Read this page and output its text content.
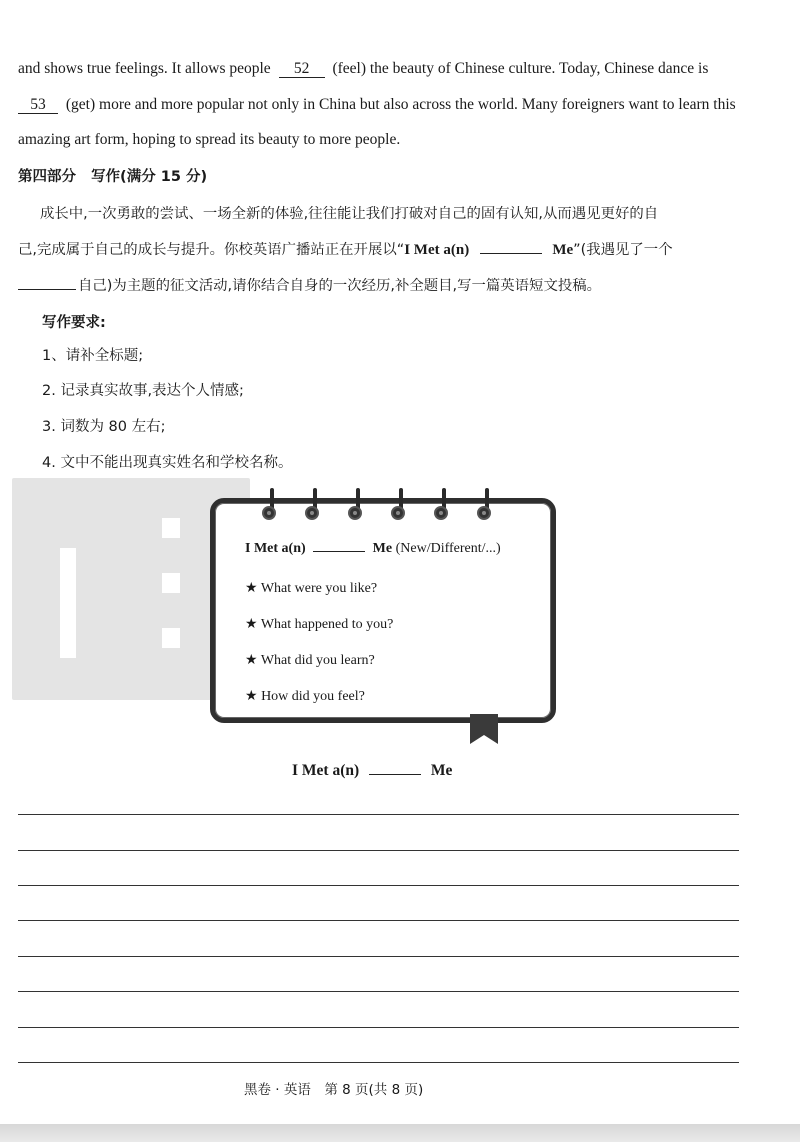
and shows true feelings. It allows people 52 (feel) the beauty of Chinese culture. Today, Chinese dance is
53 (get) more and more popular not only in China but also across the world. Many foreigners want to learn this
amazing art form, hoping to spread its beauty to more people.
第四部分 写作(满分 15 分)
成长中,一次勇敢的尝试、一场全新的体验,往往能让我们打破对自己的固有认知,从而遇见更好的自
己,完成属于自己的成长与提升。你校英语广播站正在开展以“I Met a(n)	Me”(我遇见了一个
自己)为主题的征文活动,请你结合自身的一次经历,补全题目,写一篇英语短文投稿。
写作要求:
1、请补全标题;
2. 记录真实故事,表达个人情感;
3. 词数为 80 左右;
4. 文中不能出现真实姓名和学校名称。
I Met a(n)	Me (New/Different/...)
★ What were you like?
★ What happened to you?
★ What did you learn?
★ How did you feel?
I Met a(n)	Me
黑卷 · 英语　第 8 页(共 8 页)
